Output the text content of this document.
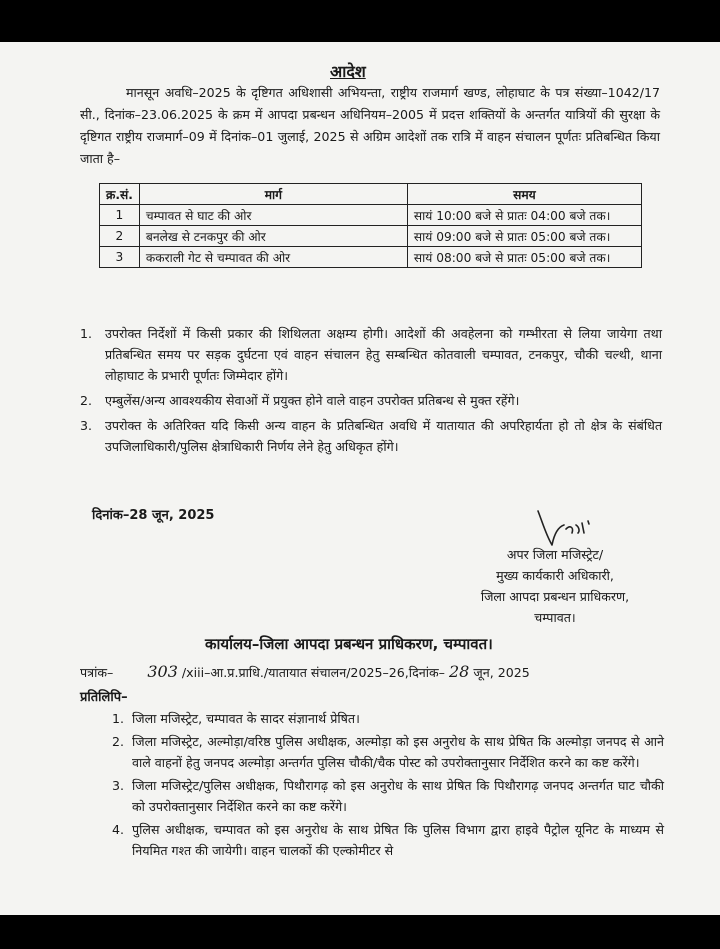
आदेश
मानसून अवधि–2025 के दृष्टिगत अधिशासी अभियन्ता, राष्ट्रीय राजमार्ग खण्ड, लोहाघाट के पत्र संख्या–1042/17 सी., दिनांक–23.06.2025 के क्रम में आपदा प्रबन्धन अधिनियम–2005 में प्रदत्त शक्तियों के अन्तर्गत यात्रियों की सुरक्षा के दृष्टिगत राष्ट्रीय राजमार्ग–09 में दिनांक–01 जुलाई, 2025 से अग्रिम आदेशों तक रात्रि में वाहन संचालन पूर्णतः प्रतिबन्धित किया जाता है–
क्र.सं.	मार्ग	समय
1	चम्पावत से घाट की ओर	सायं 10:00 बजे से प्रातः 04:00 बजे तक।
2	बनलेख से टनकपुर की ओर	सायं 09:00 बजे से प्रातः 05:00 बजे तक।
3	ककराली गेट से चम्पावत की ओर	सायं 08:00 बजे से प्रातः 05:00 बजे तक।
1. उपरोक्त निर्देशों में किसी प्रकार की शिथिलता अक्षम्य होगी। आदेशों की अवहेलना को गम्भीरता से लिया जायेगा तथा प्रतिबन्धित समय पर सड़क दुर्घटना एवं वाहन संचालन हेतु सम्बन्धित कोतवाली चम्पावत, टनकपुर, चौकी चल्थी, थाना लोहाघाट के प्रभारी पूर्णतः जिम्मेदार होंगे।
2. एम्बुलेंस/अन्य आवश्यकीय सेवाओं में प्रयुक्त होने वाले वाहन उपरोक्त प्रतिबन्ध से मुक्त रहेंगे।
3. उपरोक्त के अतिरिक्त यदि किसी अन्य वाहन के प्रतिबन्धित अवधि में यातायात की अपरिहार्यता हो तो क्षेत्र के संबंधित उपजिलाधिकारी/पुलिस क्षेत्राधिकारी निर्णय लेने हेतु अधिकृत होंगे।
दिनांक–28 जून, 2025
अपर जिला मजिस्ट्रेट/
मुख्य कार्यकारी अधिकारी,
जिला आपदा प्रबन्धन प्राधिकरण,
चम्पावत।
कार्यालय–जिला आपदा प्रबन्धन प्राधिकरण, चम्पावत।
पत्रांक– 303 /xiii–आ.प्र.प्राधि./यातायात संचालन/2025–26,दिनांक– 28 जून, 2025
प्रतिलिपि–
1. जिला मजिस्ट्रेट, चम्पावत के सादर संज्ञानार्थ प्रेषित।
2. जिला मजिस्ट्रेट, अल्मोड़ा/वरिष्ठ पुलिस अधीक्षक, अल्मोड़ा को इस अनुरोध के साथ प्रेषित कि अल्मोड़ा जनपद से आने वाले वाहनों हेतु जनपद अल्मोड़ा अन्तर्गत पुलिस चौकी/चैक पोस्ट को उपरोक्तानुसार निर्देशित करने का कष्ट करेंगे।
3. जिला मजिस्ट्रेट/पुलिस अधीक्षक, पिथौरागढ़ को इस अनुरोध के साथ प्रेषित कि पिथौरागढ़ जनपद अन्तर्गत घाट चौकी को उपरोक्तानुसार निर्देशित करने का कष्ट करेंगे।
4. पुलिस अधीक्षक, चम्पावत को इस अनुरोध के साथ प्रेषित कि पुलिस विभाग द्वारा हाइवे पैट्रोल यूनिट के माध्यम से नियमित गश्त की जायेगी। वाहन चालकों की एल्कोमीटर से
